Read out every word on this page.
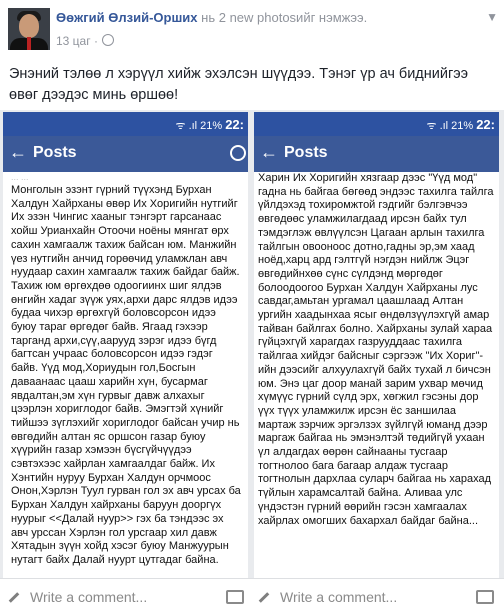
Өөжгий Өлзий-Орших нь 2 new photosийг нэмжээ.
13 цаг ·
▼
Энэний тэлөө л хэрүүл хийж эхэлсэн шүүдээ. Тэнэг үр ач биднийгээ өвөг дээдэс минь өршөө!
ᯤ .ıl 21% 22:
← Posts
... ...
Монголын эзэнт гүрний түүхэнд Бурхан Халдун Хайрханы өвөр Их Хоригийн нутгийг Их эзэн Чингис хааныг тэнгэрт гарсанаас хойш Урианхайн Отоочи ноёны мянгат өрх сахин хамгаалж тахиж байсан юм. Манжийн үез нутгийн анчид горөөчид уламжлан авч нуудаар сахин хамгаалж тахиж байдаг байж. Тахиж юм өргөхдөө одоогиинх шиг ялдэв өнгийн хадаг зүүж уях,архи дарс ялдэв идээ будаа чихэр өргөхгүй боловсорсон идээ буюу тараг өргөдөг байв. Ягаад гэхээр тарганд архи,сүү,аарууд зэрэг идээ бүгд багтсан учраас боловсорсон идээ гэдэг байв. Үүд мод,Хориудын гол,Босгын даваанаас цааш харийн хүн, бусармаг явдалтан,эм хүн гурвыг давж алхахыг цээрлэн хориглодог байв. Эмэгтэй хүнийг тийшээ зүглэхийг хориглодог байсан учир нь өвгөдийн алтан яс оршсон газар буюу хүүрийн газар хэмээн бүсгүйчүүдээ сэвтэхээс хайрлан хамгаалдаг байж. Их Хэнтийн нуруу Бурхан Халдун орчмоос Онон,Хэрлэн Туул гурван гол эх авч урсах ба Бурхан Халдун хайрханы баруун дооргүх нуурыг <<Далай нуур>> гэх ба тэндээс эх авч урссан Хэрлэн гол урсгаар хил давж Хятадын зүүн хойд хэсэг буюу Манжуурын нутагт байх Далай нуурт цутгадаг байна.
ᯤ .ıl 21% 22:
← Posts
Харин Их Хоригийн хязгаар дээс "Үүд мод" гадна нь байгаа бөгөөд эндээс тахилга тайлга үйлдэхэд тохиромжтой гэдгийг бэлгэвчээ өвгөдөөс уламжилагдаад ирсэн байх тул тэмдэглэж өвлүүлсэн Цагаан арлын тахилга тайлгын овооноос дотно,гадны эр,эм хаад ноёд,харц ард гэлтгүй нэгдэн нийлж Эцэг өвгөдийнхөө сүнс сүлдэнд мөргөдөг болоодоогоо Бурхан Халдун Хайрханы лус савдаг,амьтан ургамал цаашлаад Алтан ургийн хаадынхаа ясыг өндөлзүүлэхгүй амар тайван байлгах болно. Хайрханы зулай хараа гүйцэхгүй харагдах газрууддаас тахилга тайлгаа хийдэг байсныг сэргээж "Их Хориг"-ийн дээсийг алхуулахгүй байх тухай л бичсэн юм. Энэ цаг доор манай зарим ухвар мөчид хүмүүс гүрний сүлд эрх, хөгжил гэсэны дор үүх түүх уламжилж ирсэн ёс заншилаа мартаж зэрчиж эргэлзэх зүйлгүй юманд дээр маргаж байгаа нь эмэнэлтэй төдийгүй ухаан үл алдагдах өөрөн сайнааны тусгаар тогтнолоо бага багаар алдаж тусгаар тогтнолын дархлаа суларч байгаа нь харахад түйлын харамсалтай байна. Аливаа улс үндэстэн гүрний өөрийн гэсэн хамгаалах хайрлах омогших бахархал байдаг байна...
Write a comment...	Write a comment...
